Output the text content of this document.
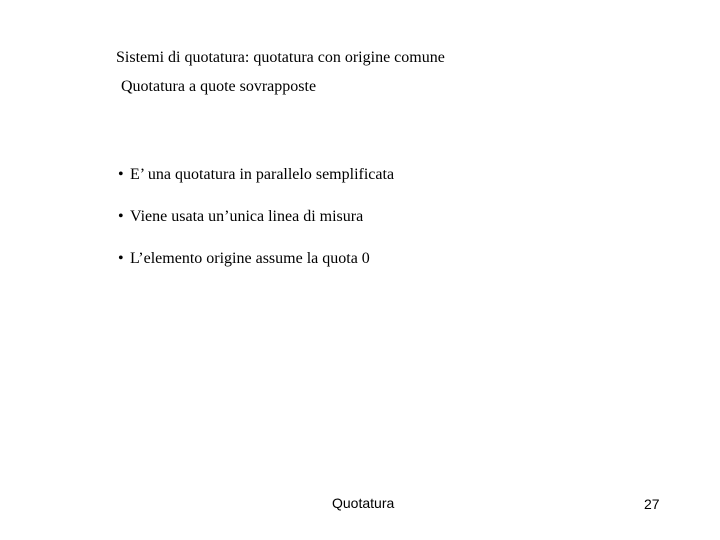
Sistemi di quotatura: quotatura con origine comune
Quotatura a quote sovrapposte
• E’ una quotatura in parallelo semplificata
• Viene usata un’unica linea di misura
• L’elemento origine assume la quota 0
Quotatura	27
